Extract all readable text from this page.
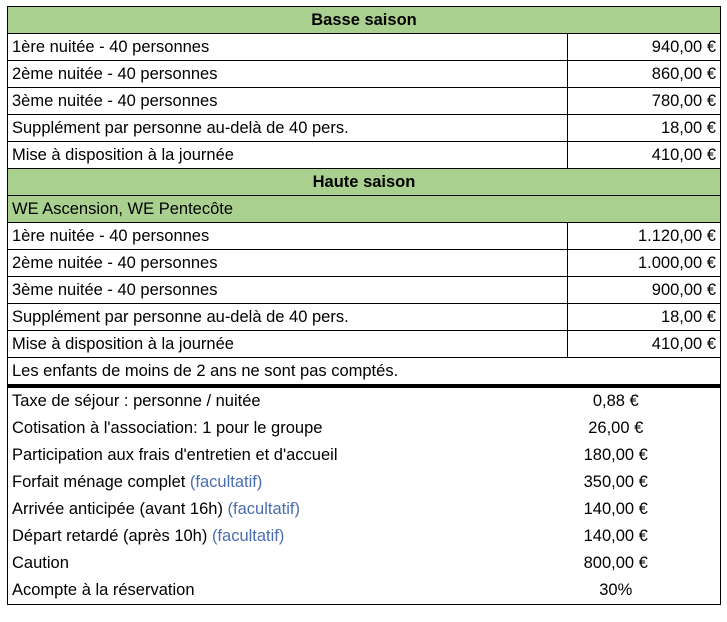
Basse saison	
1ère nuitée - 40 personnes	940,00 €
2ème nuitée - 40 personnes	860,00 €
3ème nuitée - 40 personnes	780,00 €
Supplément par personne au-delà de 40 pers.	18,00 €
Mise à disposition à la journée	410,00 €
Haute saison	
WE Ascension, WE Pentecôte	
1ère nuitée - 40 personnes	1.120,00 €
2ème nuitée - 40 personnes	1.000,00 €
3ème nuitée - 40 personnes	900,00 €
Supplément par personne au-delà de 40 pers.	18,00 €
Mise à disposition à la journée	410,00 €
Les enfants de moins de 2 ans ne sont pas comptés.
Taxe de séjour : personne / nuitée	0,88 €
Cotisation à l'association: 1 pour le groupe	26,00 €
Participation aux frais d'entretien et d'accueil	180,00 €
Forfait ménage complet (facultatif)	350,00 €
Arrivée anticipée (avant 16h) (facultatif)	140,00 €
Départ retardé (après 10h) (facultatif)	140,00 €
Caution	800,00 €
Acompte à la réservation	30%
